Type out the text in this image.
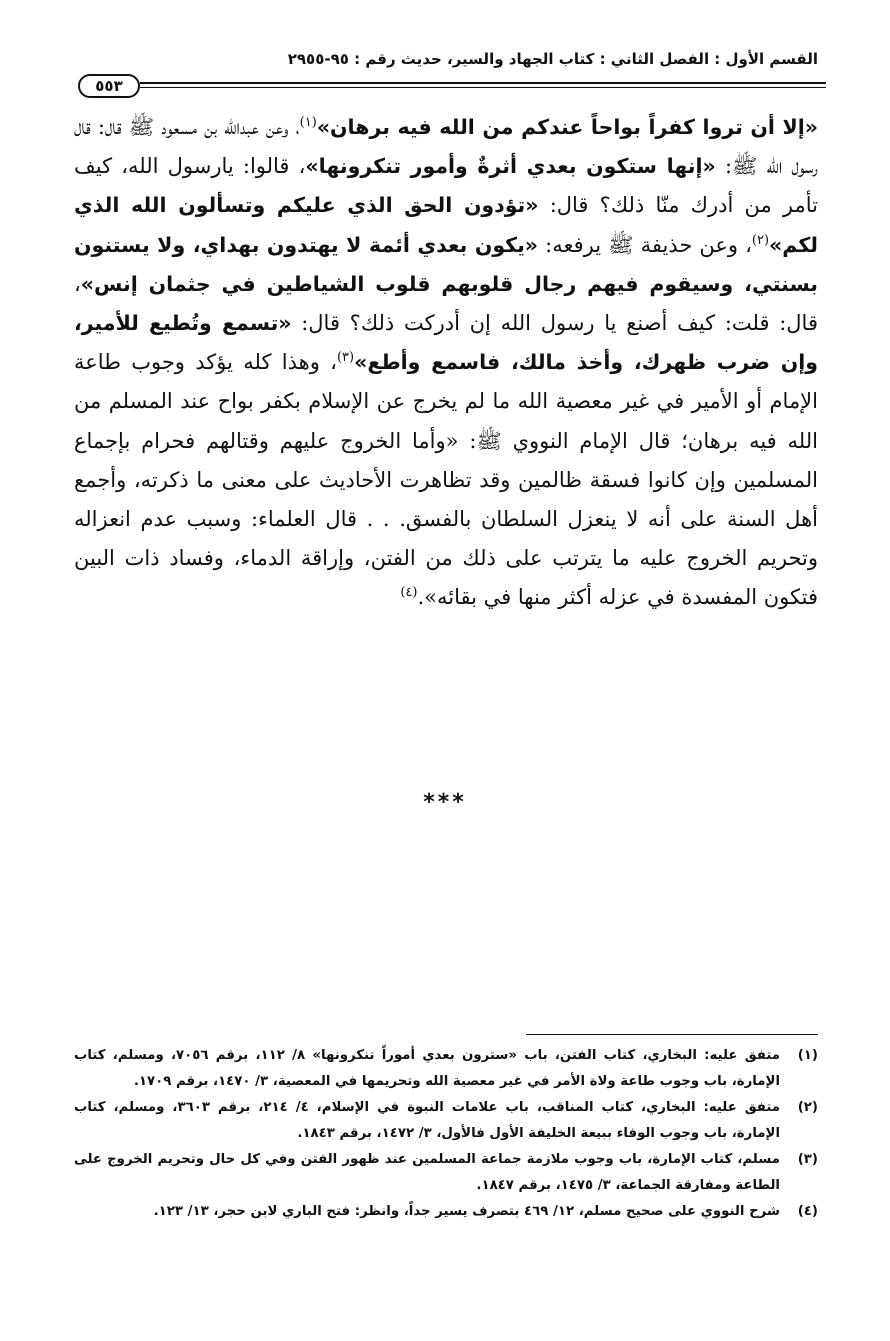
القسم الأول : الفصل الثاني : كتاب الجهاد والسير، حديث رقم : ٩٥-٢٩٥٥
٥٥٣
«إلا أن تروا كفراً بواحاً عندكم من الله فيه برهان»$^{(١)}$، وعن عبدالله بن مسعود ﷺ قال: قال رسول الله ﷺ: «إنها ستكون بعدي أثرةٌ وأمور تنكرونها»، قالوا: يارسول الله، كيف تأمر من أدرك منّا ذلك؟ قال: «تؤدون الحق الذي عليكم وتسألون الله الذي لكم»$^{(٢)}$، وعن حذيفة ﷺ يرفعه: «يكون بعدي أئمة لا يهتدون بهداي، ولا يستنون بسنتي، وسيقوم فيهم رجال قلوبهم قلوب الشياطين في جثمان إنس»، قال: قلت: كيف أصنع يا رسول الله إن أدركت ذلك؟ قال: «تسمع وتُطيع للأمير، وإن ضرب ظهرك، وأخذ مالك، فاسمع وأطع»$^{(٣)}$، وهذا كله يؤكد وجوب طاعة الإمام أو الأمير في غير معصية الله ما لم يخرج عن الإسلام بكفر بواح عند المسلم من الله فيه برهان؛ قال الإمام النووي ﷺ: «وأما الخروج عليهم وقتالهم فحرام بإجماع المسلمين وإن كانوا فسقة ظالمين وقد تظاهرت الأحاديث على معنى ما ذكرته، وأجمع أهل السنة على أنه لا ينعزل السلطان بالفسق. . . قال العلماء: وسبب عدم انعزاله وتحريم الخروج عليه ما يترتب على ذلك من الفتن، وإراقة الدماء، وفساد ذات البين فتكون المفسدة في عزله أكثر منها في بقائه».$^{(٤)}$
***
(١)
متفق عليه: البخاري، كتاب الفتن، باب «سترون بعدي أموراً تنكرونها» ٨/ ١١٢، برقم ٧٠٥٦، ومسلم، كتاب الإمارة، باب وجوب طاعة ولاة الأمر في غير معصية الله وتحريمها في المعصية، ٣/ ١٤٧٠، برقم ١٧٠٩.
(٢)
متفق عليه: البخاري، كتاب المناقب، باب علامات النبوة في الإسلام، ٤/ ٢١٤، برقم ٣٦٠٣، ومسلم، كتاب الإمارة، باب وجوب الوفاء ببيعة الخليفة الأول فالأول، ٣/ ١٤٧٢، برقم ١٨٤٣.
(٣)
مسلم، كتاب الإمارة، باب وجوب ملازمة جماعة المسلمين عند ظهور الفتن وفي كل حال وتحريم الخروج على الطاعة ومفارقة الجماعة، ٣/ ١٤٧٥، برقم ١٨٤٧.
(٤)
شرح النووي على صحيح مسلم، ١٢/ ٤٦٩ بتصرف يسير جداً، وانظر: فتح الباري لابن حجر، ١٣/ ١٢٣.
